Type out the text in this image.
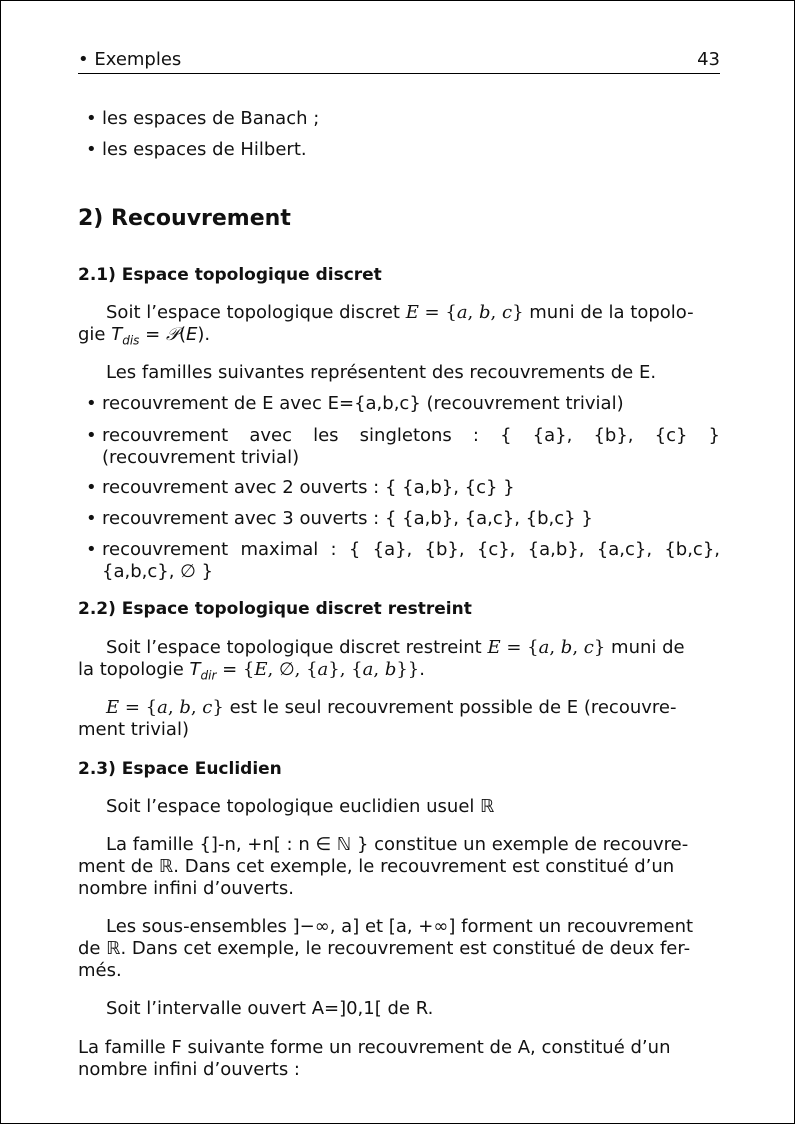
• Exemples	43
• les espaces de Banach ;
• les espaces de Hilbert.
2) Recouvrement
2.1) Espace topologique discret
Soit l’espace topologique discret E = {a, b, c} muni de la topolo-
gie $T_{dis}$ = 𝒫(E).
Les familles suivantes représentent des recouvrements de E.
• recouvrement de E avec E={a,b,c} (recouvrement trivial)
• recouvrement avec les singletons : { {a}, {b}, {c} } (recouvrement trivial)
• recouvrement avec 2 ouverts : { {a,b}, {c} }
• recouvrement avec 3 ouverts : { {a,b}, {a,c}, {b,c} }
• recouvrement maximal : { {a}, {b}, {c}, {a,b}, {a,c}, {b,c}, {a,b,c}, ∅ }
2.2) Espace topologique discret restreint
Soit l’espace topologique discret restreint E = {a, b, c} muni de
la topologie $T_{dir} = \{E$, ∅, {a}, {a, b}}.
E = {a, b, c} est le seul recouvrement possible de E (recouvre-
ment trivial)
2.3) Espace Euclidien
Soit l’espace topologique euclidien usuel ℝ
La famille {]-n, +n[ : n ∈ ℕ } constitue un exemple de recouvre-
ment de ℝ. Dans cet exemple, le recouvrement est constitué d’un
nombre infini d’ouverts.
Les sous-ensembles ]−∞, a] et [a, +∞] forment un recouvrement
de ℝ. Dans cet exemple, le recouvrement est constitué de deux fer-
més.
Soit l’intervalle ouvert A=]0,1[ de R.
La famille F suivante forme un recouvrement de A, constitué d’un
nombre infini d’ouverts :
